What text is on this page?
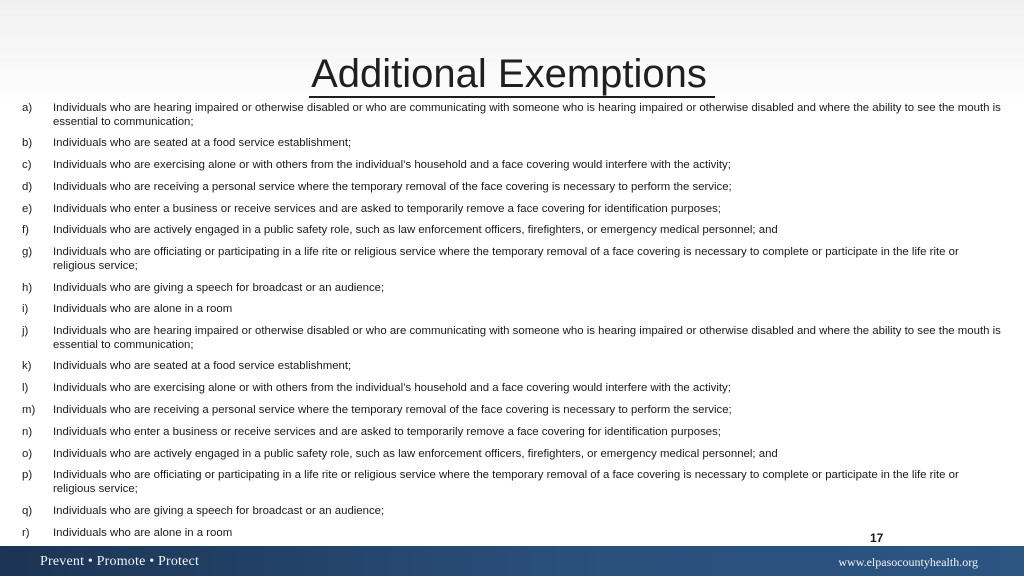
Additional Exemptions
a)	Individuals who are hearing impaired or otherwise disabled or who are communicating with someone who is hearing impaired or otherwise disabled and where the ability to see the mouth is essential to communication;
b)	Individuals who are seated at a food service establishment;
c)	Individuals who are exercising alone or with others from the individual’s household and a face covering would interfere with the activity;
d)	Individuals who are receiving a personal service where the temporary removal of the face covering is necessary to perform the service;
e)	Individuals who enter a business or receive services and are asked to temporarily remove a face covering for identification purposes;
f)	Individuals who are actively engaged in a public safety role, such as law enforcement officers, firefighters, or emergency medical personnel; and
g)	Individuals who are officiating or participating in a life rite or religious service where the temporary removal of a face covering is necessary to complete or participate in the life rite or religious service;
h)	Individuals who are giving a speech for broadcast or an audience;
i)	Individuals who are alone in a room
j)	Individuals who are hearing impaired or otherwise disabled or who are communicating with someone who is hearing impaired or otherwise disabled and where the ability to see the mouth is essential to communication;
k)	Individuals who are seated at a food service establishment;
l)	Individuals who are exercising alone or with others from the individual’s household and a face covering would interfere with the activity;
m)	Individuals who are receiving a personal service where the temporary removal of the face covering is necessary to perform the service;
n)	Individuals who enter a business or receive services and are asked to temporarily remove a face covering for identification purposes;
o)	Individuals who are actively engaged in a public safety role, such as law enforcement officers, firefighters, or emergency medical personnel; and
p)	Individuals who are officiating or participating in a life rite or religious service where the temporary removal of a face covering is necessary to complete or participate in the life rite or religious service;
q)	Individuals who are giving a speech for broadcast or an audience;
r)	Individuals who are alone in a room	17
Prevent • Promote • Protect	www.elpasocountyhealth.org
